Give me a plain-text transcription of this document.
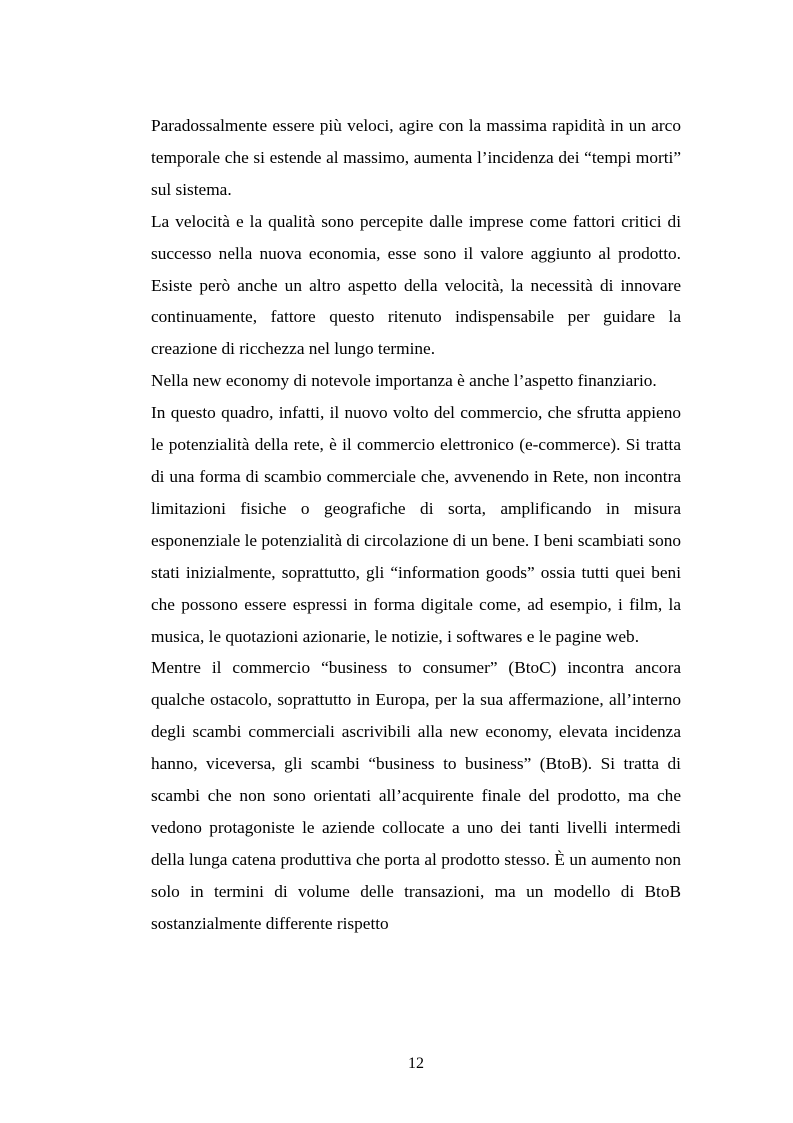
Paradossalmente essere più veloci, agire con la massima rapidità in un arco temporale che si estende al massimo, aumenta l’incidenza dei “tempi morti” sul sistema.

La velocità e la qualità sono percepite dalle imprese come fattori critici di successo nella nuova economia, esse sono il valore aggiunto al prodotto. Esiste però anche un altro aspetto della velocità, la necessità di innovare continuamente, fattore questo ritenuto indispensabile per guidare la creazione di ricchezza nel lungo termine.

Nella new economy di notevole importanza è anche l’aspetto finanziario.

In questo quadro, infatti, il nuovo volto del commercio, che sfrutta appieno le potenzialità della rete, è il commercio elettronico (e-commerce). Si tratta di una forma di scambio commerciale che, avvenendo in Rete, non incontra limitazioni fisiche o geografiche di sorta, amplificando in misura esponenziale le potenzialità di circolazione di un bene. I beni scambiati sono stati inizialmente, soprattutto, gli “information goods” ossia tutti quei beni che possono essere espressi in forma digitale come, ad esempio, i film, la musica, le quotazioni azionarie, le notizie, i softwares e le pagine web.

Mentre il commercio “business to consumer” (BtoC) incontra ancora qualche ostacolo, soprattutto in Europa, per la sua affermazione, all’interno degli scambi commerciali ascrivibili alla new economy, elevata incidenza hanno, viceversa, gli scambi “business to business” (BtoB). Si tratta di scambi che non sono orientati all’acquirente finale del prodotto, ma che vedono protagoniste le aziende collocate a uno dei tanti livelli intermedi della lunga catena produttiva che porta al prodotto stesso. È un aumento non solo in termini di volume delle transazioni, ma un modello di BtoB sostanzialmente differente rispetto

12
